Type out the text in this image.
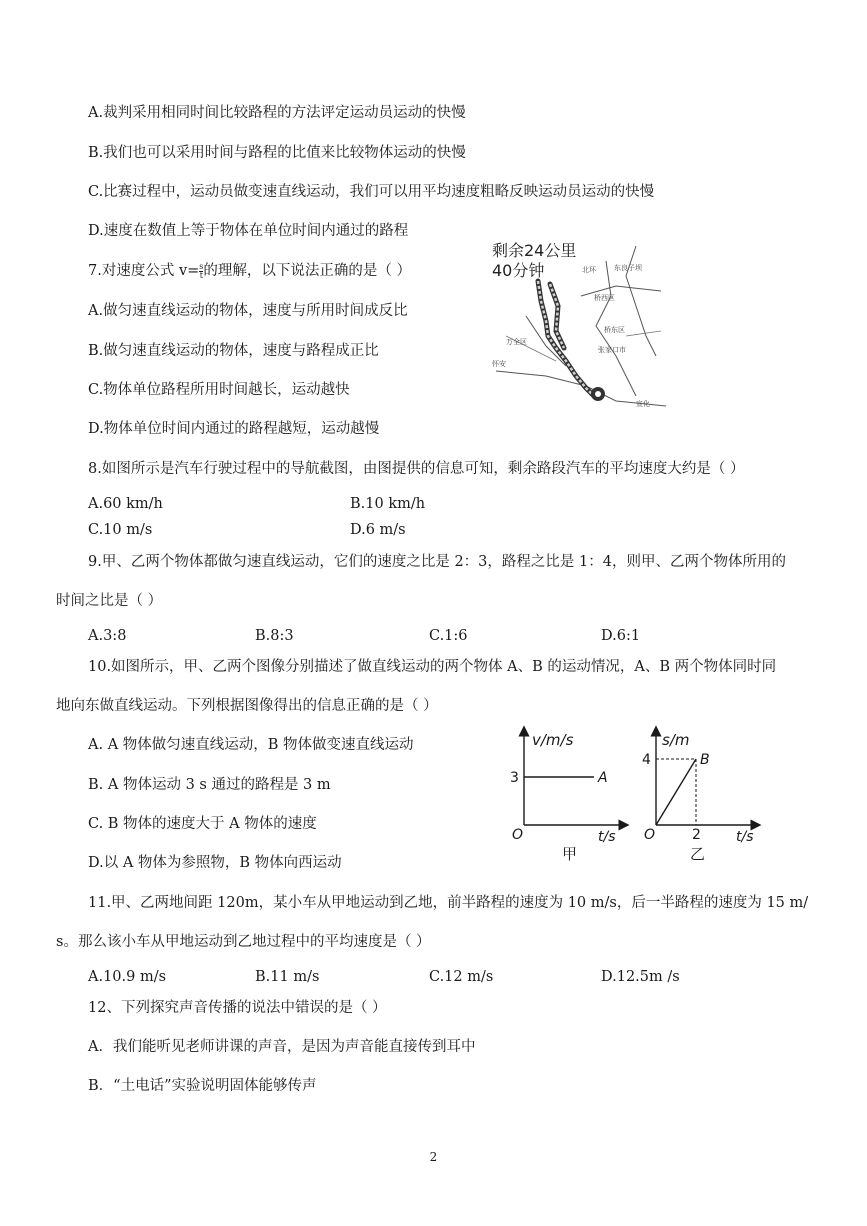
A.裁判采用相同时间比较路程的方法评定运动员运动的快慢
B.我们也可以采用时间与路程的比值来比较物体运动的快慢
C.比赛过程中，运动员做变速直线运动，我们可以用平均速度粗略反映运动员运动的快慢
D.速度在数值上等于物体在单位时间内通过的路程
7.对速度公式 $v= \frac{s}{t}$ 的理解，以下说法正确的是（ ）
A.做匀速直线运动的物体，速度与所用时间成反比
B.做匀速直线运动的物体，速度与路程成正比
C.物体单位路程所用时间越长，运动越快
D.物体单位时间内通过的路程越短，运动越慢
剩余24公里
40分钟	北环	东良子坝
桥西区
桥东区
张家口市
万全区
怀安
宣化
8.如图所示是汽车行驶过程中的导航截图，由图提供的信息可知，剩余路段汽车的平均速度大约是（ ）
A.60 km/h	B.10 km/h
C.10 m/s	D.6 m/s
9.甲、乙两个物体都做匀速直线运动，它们的速度之比是 2：3，路程之比是 1：4，则甲、乙两个物体所用的
时间之比是（ ）
A.3:8	B.8:3	C.1:6	D.6:1
10.如图所示，甲、乙两个图像分别描述了做直线运动的两个物体 A、B 的运动情况，A、B 两个物体同时同
地向东做直线运动。下列根据图像得出的信息正确的是（ ）
A. A 物体做匀速直线运动，B 物体做变速直线运动
B. A 物体运动 3 s 通过的路程是 3 m
C. B 物体的速度大于 A 物体的速度
D.以 A 物体为参照物，B 物体向西运动
v/m/s
3	A
O	t/s
甲
s/m
4	B
O	2	t/s
乙
11.甲、乙两地间距 120m，某小车从甲地运动到乙地，前半路程的速度为 10 m/s，后一半路程的速度为 15 m/
s。那么该小车从甲地运动到乙地过程中的平均速度是（ ）
A.10.9 m/s	B.11 m/s	C.12 m/s	D.12.5m /s
12、下列探究声音传播的说法中错误的是（ ）
A．我们能听见老师讲课的声音，是因为声音能直接传到耳中
B．“土电话”实验说明固体能够传声
2
